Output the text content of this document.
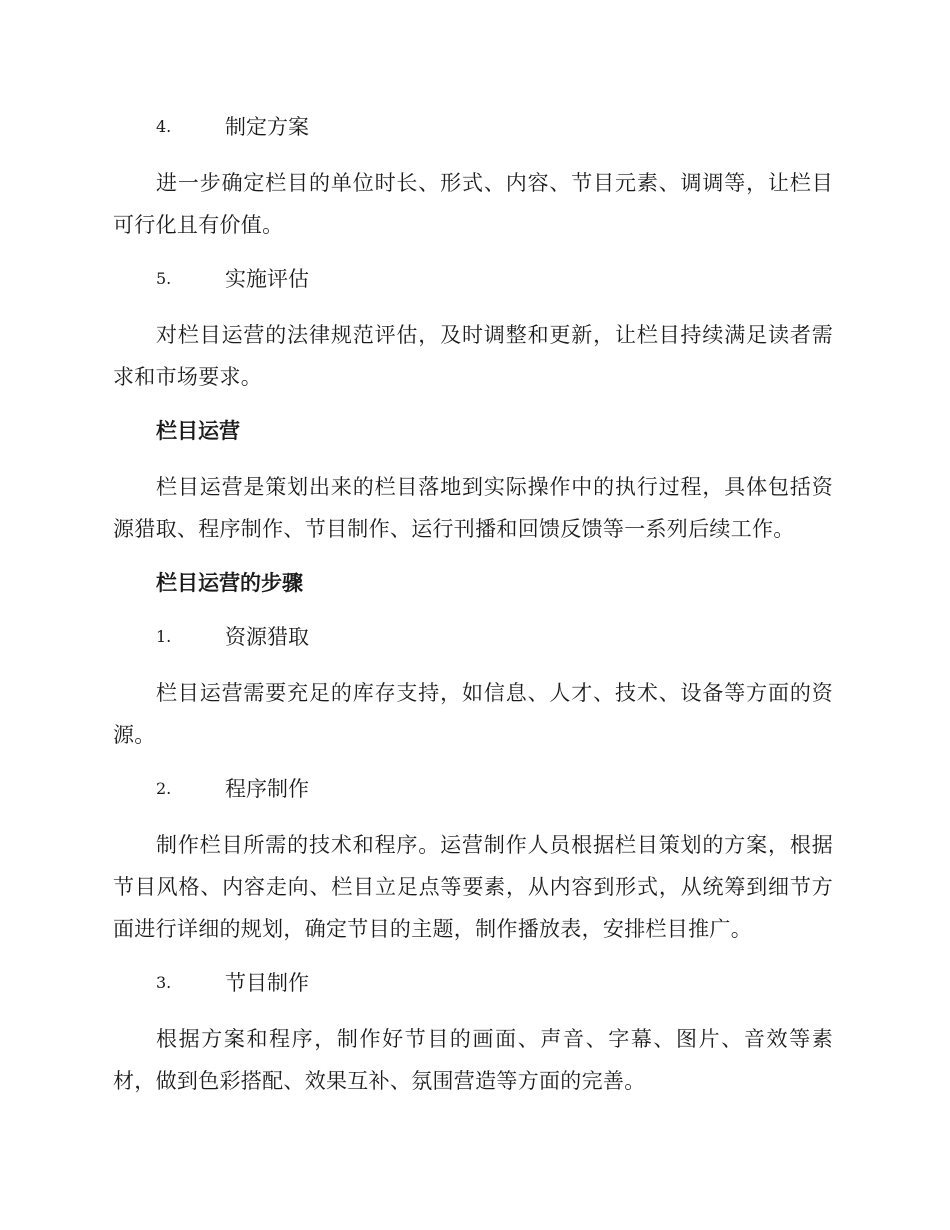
4.	制定方案
进一步确定栏目的单位时长、形式、内容、节目元素、调调等，让栏目可行化且有价值。
5.	实施评估
对栏目运营的法律规范评估，及时调整和更新，让栏目持续满足读者需求和市场要求。
栏目运营
栏目运营是策划出来的栏目落地到实际操作中的执行过程，具体包括资源猎取、程序制作、节目制作、运行刊播和回馈反馈等一系列后续工作。
栏目运营的步骤
1.	资源猎取
栏目运营需要充足的库存支持，如信息、人才、技术、设备等方面的资源。
2.	程序制作
制作栏目所需的技术和程序。运营制作人员根据栏目策划的方案，根据节目风格、内容走向、栏目立足点等要素，从内容到形式，从统筹到细节方面进行详细的规划，确定节目的主题，制作播放表，安排栏目推广。
3.	节目制作
根据方案和程序，制作好节目的画面、声音、字幕、图片、音效等素材，做到色彩搭配、效果互补、氛围营造等方面的完善。
